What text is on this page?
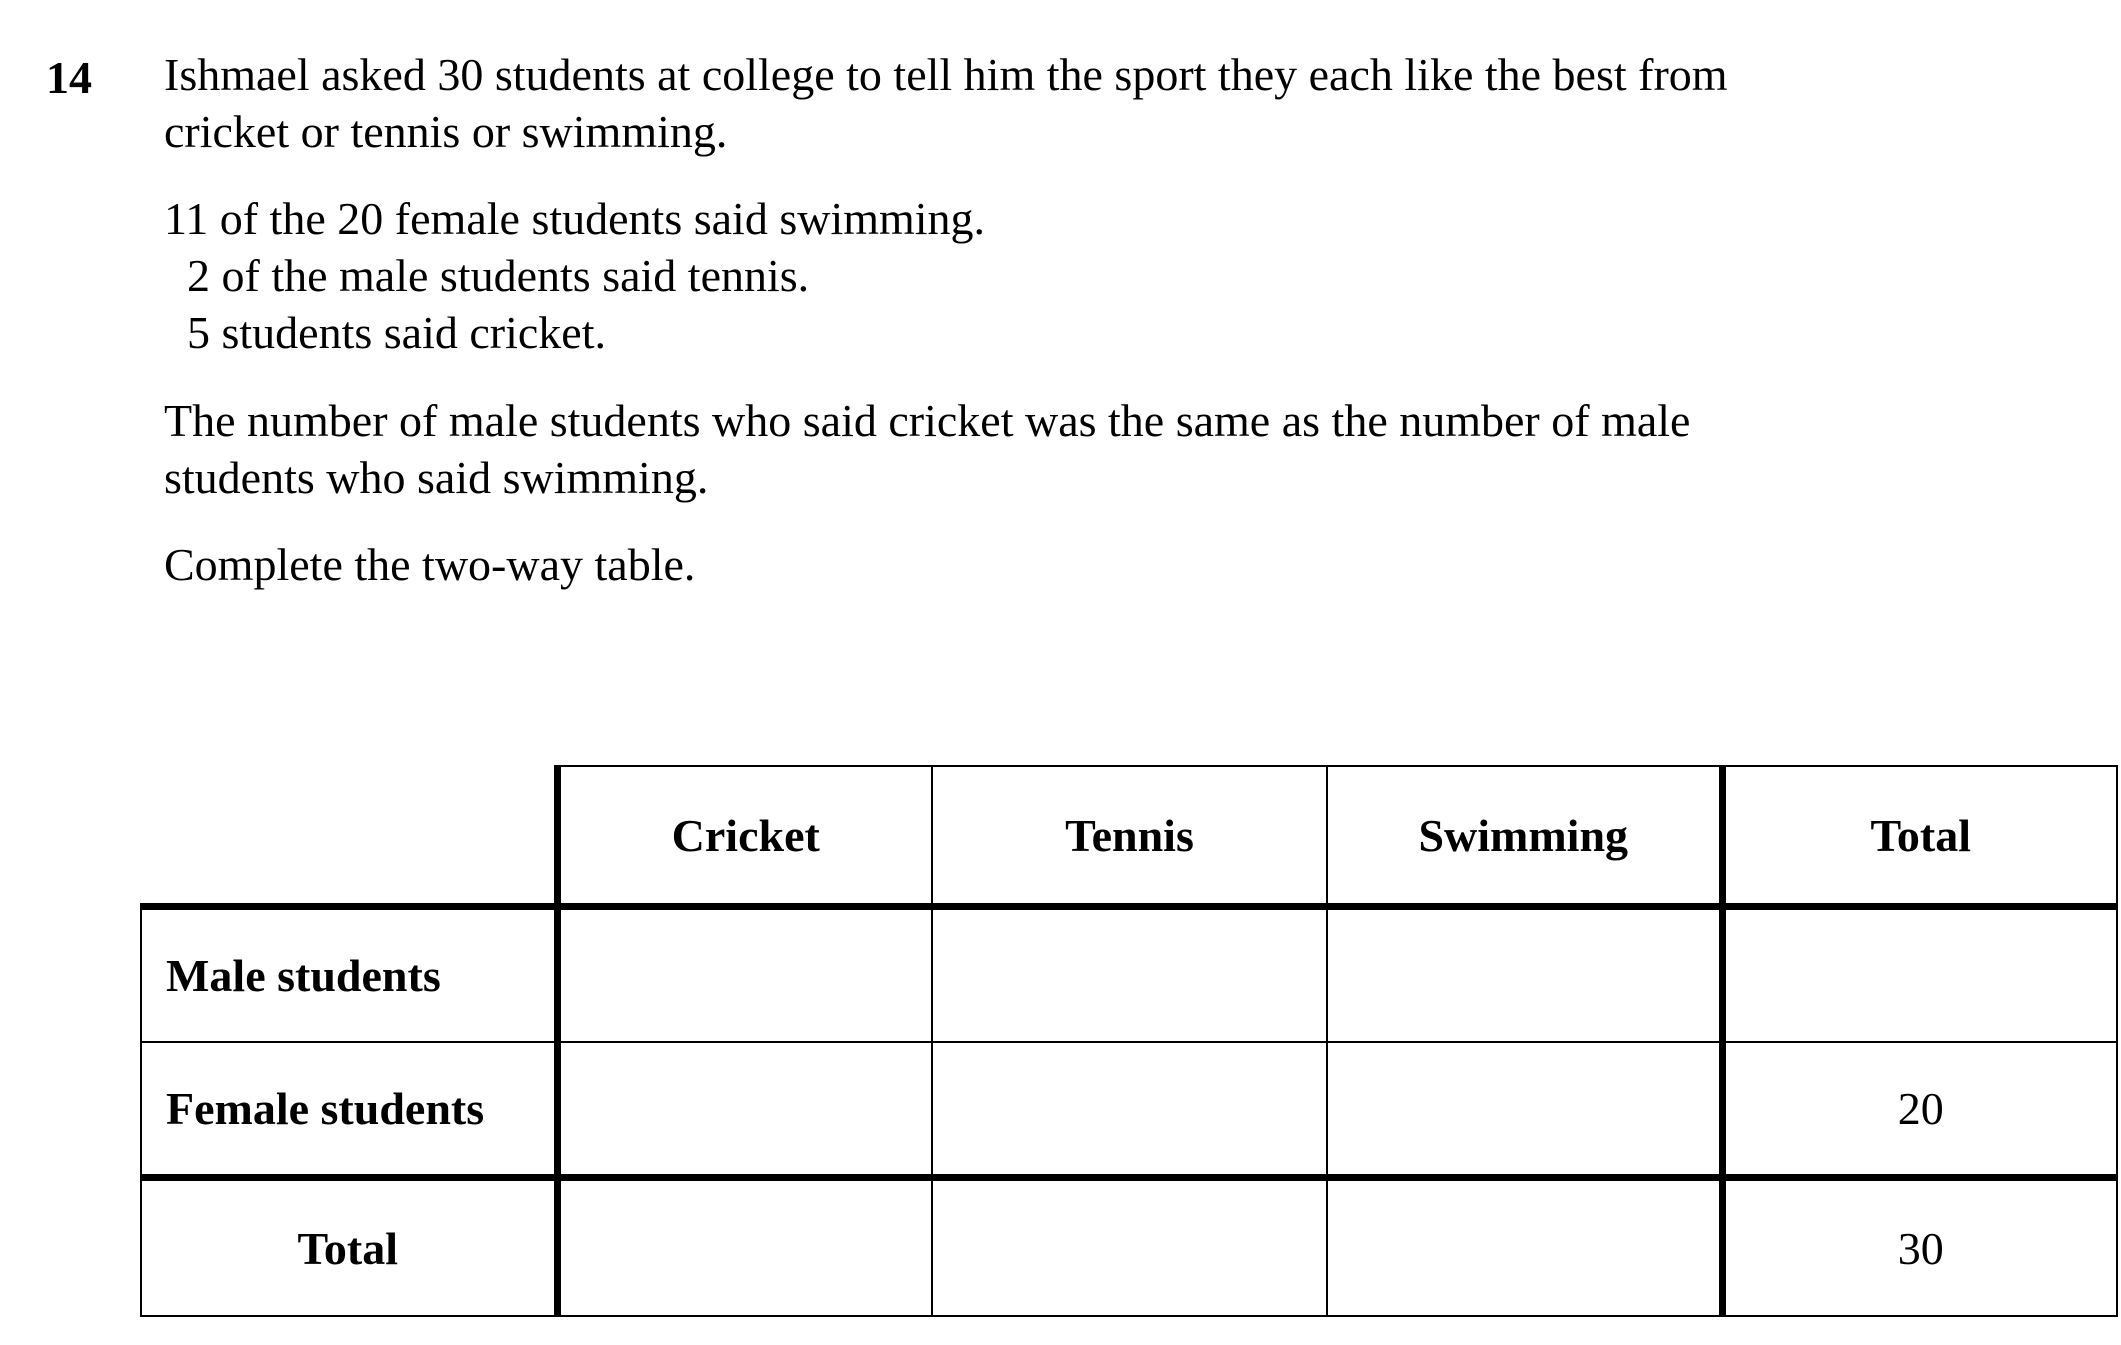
14 Ishmael asked 30 students at college to tell him the sport they each like the best from
cricket or tennis or swimming.
11 of the 20 female students said swimming.
2 of the male students said tennis.
5 students said cricket.
The number of male students who said cricket was the same as the number of male
students who said swimming.
Complete the two-way table.
	Cricket	Tennis	Swimming	Total
Male students				
Female students				20
Total				30
